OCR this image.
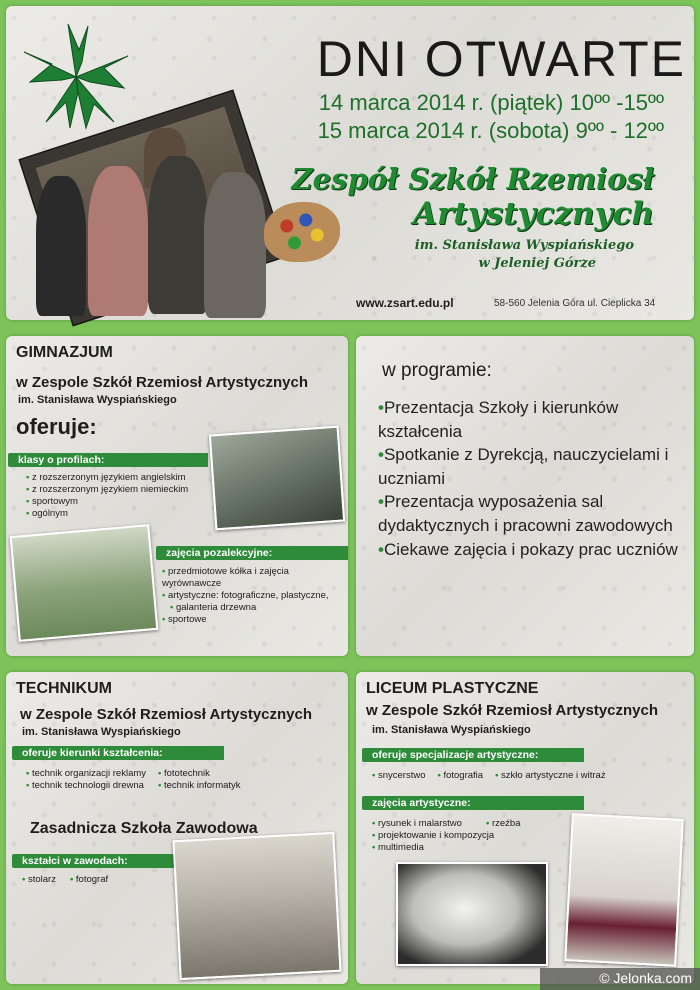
DNI OTWARTE
14 marca 2014 r. (piątek) 10ºº -15ºº
15 marca 2014 r. (sobota) 9ºº - 12ºº
Zespół Szkół Rzemiosł
Artystycznych
im. Stanisława Wyspiańskiego
w Jeleniej Górze
www.zsart.edu.pl	58-560 Jelenia Góra ul. Cieplicka 34
GIMNAZJUM
w Zespole Szkół Rzemiosł Artystycznych
im. Stanisława Wyspiańskiego
oferuje:
klasy o profilach:
• z rozszerzonym językiem angielskim
• z rozszerzonym językiem niemieckim
• sportowym
• ogólnym
zajęcia pozalekcyjne:
• przedmiotowe kółka i zajęcia wyrównawcze
• artystyczne: fotograficzne, plastyczne,
• galanteria drzewna
• sportowe
w programie:
• Prezentacja Szkoły i kierunków kształcenia
• Spotkanie z Dyrekcją, nauczycielami i uczniami
• Prezentacja wyposażenia sal dydaktycznych i pracowni zawodowych
• Ciekawe zajęcia i pokazy prac uczniów
TECHNIKUM
w Zespole Szkół Rzemiosł Artystycznych
im. Stanisława Wyspiańskiego
oferuje kierunki kształcenia:
• technik organizacji reklamy
• technik technologii drewna
• fototechnik
• technik informatyk
Zasadnicza Szkoła Zawodowa
kształci w zawodach:
• stolarz	• fotograf
LICEUM PLASTYCZNE
w Zespole Szkół Rzemiosł Artystycznych
im. Stanisława Wyspiańskiego
oferuje specjalizacje artystyczne:
• snycerstwo	• fotografia	• szkło artystyczne i witraż
zajęcia artystyczne:
• rysunek i malarstwo
• projektowanie i kompozycja
• multimedia
• rzeźba
© Jelonka.com
